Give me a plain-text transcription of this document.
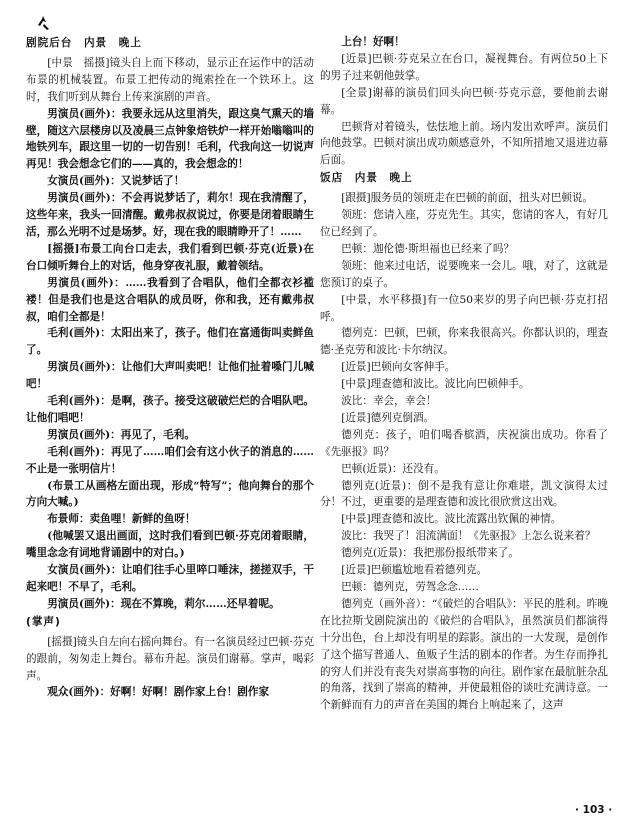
剧院后台　内景　晚上

[中景　摇摄]镜头自上而下移动，显示正在运作中的活动布景的机械装置。布景工把传动的绳索拴在一个铁环上。这时，我们听到从舞台上传来演剧的声音。

男演员(画外)：我要永远从这里消失，跟这臭气熏天的墙壁，随这六层楼房以及凌晨三点钟象焙铁炉一样开始嗡嗡叫的地铁列车，跟这里一切的一切告别！毛利，代我向这一切说声再见！我会想念它们的——真的，我会想念的！

女演员(画外)：又说梦话了！

男演员(画外)：不会再说梦话了，莉尔！现在我清醒了，这些年来，我头一回清醒。戴弗叔叔说过，你要是闭着眼睛生活，那么光明不过是场梦。好，现在我的眼睛睁开了！……

[摇摄]布景工向台口走去，我们看到巴顿·芬克(近景)在台口倾听舞台上的对话，他身穿夜礼服，戴着领结。

男演员(画外)：……我看到了合唱队，他们全都衣衫褴褛！但是我们也是这合唱队的成员呀，你和我，还有戴弗叔叔，咱们全都是！

毛利(画外)：太阳出来了，孩子。他们在富通街叫卖鲜鱼了。

男演员(画外)：让他们大声叫卖吧！让他们扯着嗓门儿喊吧！

毛利(画外)：是啊，孩子。接受这破破烂烂的合唱队吧。让他们唱吧！

男演员(画外)：再见了，毛利。

毛利(画外)：再见了……咱们会有这小伙子的消息的……不止是一张明信片！

(布景工从画格左面出现，形成“特写”；他向舞台的那个方向大喊。)

布景师：卖鱼哩！新鲜的鱼呀！

(他喊罢又退出画面，这时我们看到巴顿·芬克闭着眼睛，嘴里念念有词地背诵剧中的对白。)

女演员(画外)：让咱们往手心里啐口唾沫，搓搓双手，干起来吧！不早了，毛利。

男演员(画外)：现在不算晚，莉尔……还早着呢。

(掌声)

[摇摄]镜头自左向右摇向舞台。有一名演员经过巴顿·芬克的跟前，匆匆走上舞台。幕布升起。演员们谢幕。掌声，喝彩声。

观众(画外)：好啊！好啊！剧作家上台！剧作家

上台！好啊！

[近景]巴顿·芬克呆立在台口，凝视舞台。有两位50上下的男子过来朝他鼓掌。

[全景]谢幕的演员们回头向巴顿·芬克示意，要他前去谢幕。

巴顿背对着镜头，怯怯地上前。场内发出欢呼声。演员们向他鼓掌。巴顿对演出成功颇感意外，不知所措地又退进边幕后面。

饭店　内景　晚上

[跟摄]服务员的领班走在巴顿的前面，扭头对巴顿说。

领班：您请入座，芬克先生。其实，您请的客人，有好几位已经到了。

巴顿：迦伦德·斯坦福也已经来了吗？

领班：他来过电话，说要晚来一会儿。哦，对了，这就是您预订的桌子。

[中景，水平移摄]有一位50来岁的男子向巴顿·芬克打招呼。

德列克：巴顿，巴顿，你来我很高兴。你都认识的，理查德·圣克劳和波比·卡尔纳汉。

[近景]巴顿向女客伸手。

[中景]理查德和波比。波比向巴顿伸手。

波比：幸会，幸会！

[近景]德列克倒酒。

德列克：孩子，咱们喝香槟酒，庆祝演出成功。你看了《先驱报》吗？

巴顿(近景)：还没有。

德列克(近景)：倒不是我有意让你难堪，凯文演得太过分！不过，更重要的是理查德和波比很欣赏这出戏。

[中景]理查德和波比。波比流露出钦佩的神情。

波比：我哭了！泪流满面！《先驱报》上怎么说来着？

德列克(近景)：我把那份报纸带来了。

[近景]巴顿尴尬地看着德列克。

巴顿：德列克，劳驾念念……

德列克（画外音）：“《破烂的合唱队》：平民的胜利。昨晚在比拉斯戈剧院演出的《破烂的合唱队》，虽然演员们都演得十分出色，台上却没有明星的踪影。演出的一大发现，是创作了这个描写普通人、鱼贩子生活的剧本的作者。为生存而挣扎的穷人们并没有丧失对崇高事物的向往。剧作家在最肮脏杂乱的角落，找到了崇高的精神，并使最粗俗的谈吐充满诗意。一个新鲜而有力的声音在美国的舞台上响起来了，这声

· 103 ·
